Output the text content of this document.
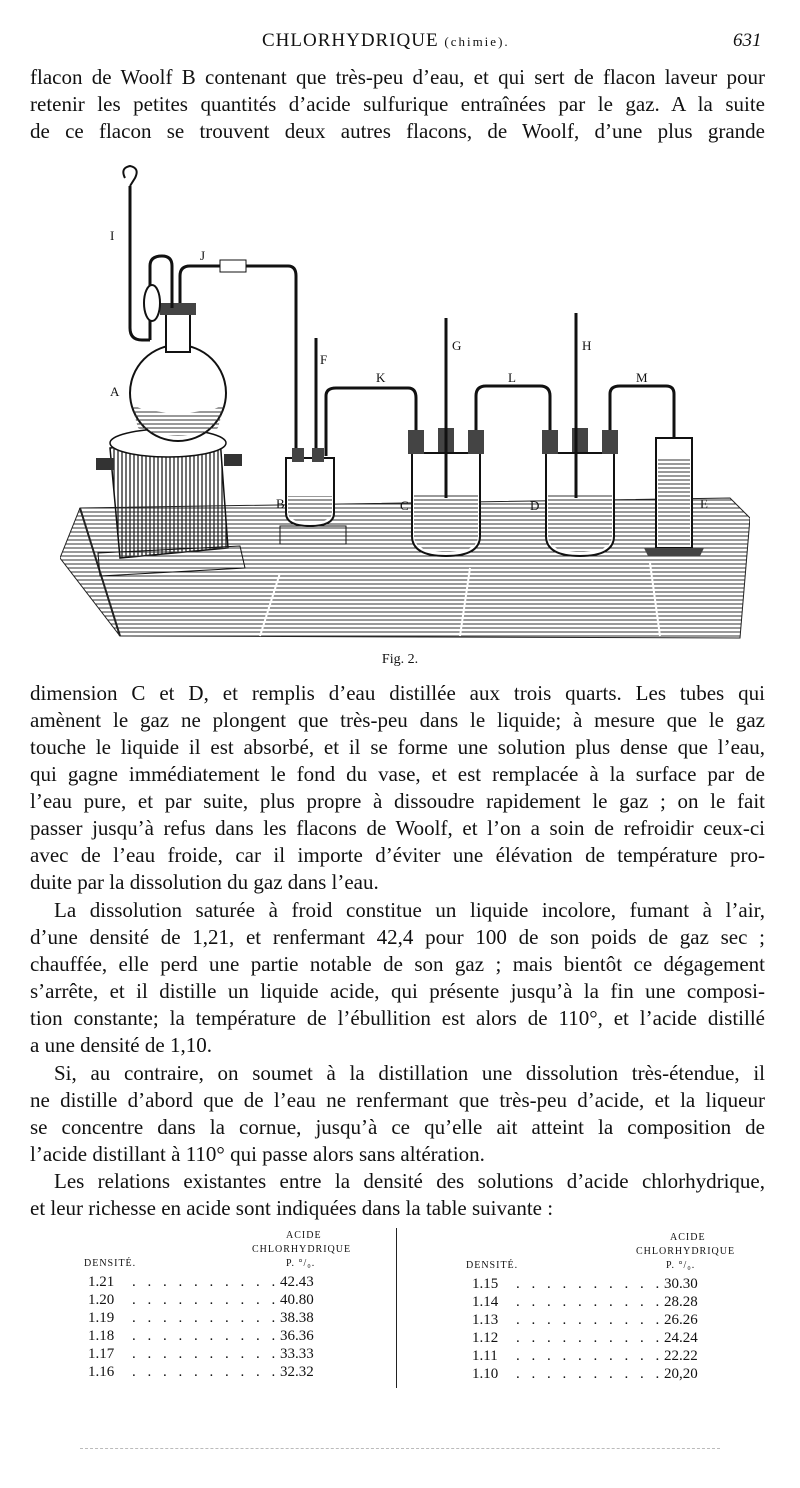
CHLORHYDRIQUE (chimie).	631
flacon de Woolf B contenant que très-peu d’eau, et qui sert de flacon laveur pour
retenir les petites quantités d’acide sulfurique entraînées par le gaz. A la suite
de ce flacon se trouvent deux autres flacons, de Woolf, d’une plus grande
I
J
A
F
G	H
K	L	M
B	C	D	E
Fig. 2.
dimension C et D, et remplis d’eau distillée aux trois quarts. Les tubes qui
amènent le gaz ne plongent que très-peu dans le liquide; à mesure que le gaz
touche le liquide il est absorbé, et il se forme une solution plus dense que l’eau,
qui gagne immédiatement le fond du vase, et est remplacée à la surface par de
l’eau pure, et par suite, plus propre à dissoudre rapidement le gaz ; on le fait
passer jusqu’à refus dans les flacons de Woolf, et l’on a soin de refroidir ceux-ci
avec de l’eau froide, car il importe d’éviter une élévation de température pro-
duite par la dissolution du gaz dans l’eau.
La dissolution saturée à froid constitue un liquide incolore, fumant à l’air,
d’une densité de 1,21, et renfermant 42,4 pour 100 de son poids de gaz sec ;
chauffée, elle perd une partie notable de son gaz ; mais bientôt ce dégagement
s’arrête, et il distille un liquide acide, qui présente jusqu’à la fin une composi-
tion constante; la température de l’ébullition est alors de 110°, et l’acide distillé
a une densité de 1,10.
Si, au contraire, on soumet à la distillation une dissolution très-étendue, il
ne distille d’abord que de l’eau ne renfermant que très-peu d’acide, et la liqueur
se concentre dans la cornue, jusqu’à ce qu’elle ait atteint la composition de
l’acide distillant à 110° qui passe alors sans altération.
Les relations existantes entre la densité des solutions d’acide chlorhydrique,
et leur richesse en acide sont indiquées dans la table suivante :
ACIDE
CHLORHYDRIQUE
DENSITÉ.	P. °/₀.
1.21 . . . . . . . . . . 42.43
1.20 . . . . . . . . . . 40.80
1.19 . . . . . . . . . . 38.38
1.18 . . . . . . . . . . 36.36
1.17 . . . . . . . . . . 33.33
1.16 . . . . . . . . . . 32.32
ACIDE
CHLORHYDRIQUE
DENSITÉ.	P. °/₀.
1.15 . . . . . . . . . . 30.30
1.14 . . . . . . . . . . 28.28
1.13 . . . . . . . . . . 26.26
1.12 . . . . . . . . . . 24.24
1.11 . . . . . . . . . . 22.22
1.10 . . . . . . . . . . 20,20
